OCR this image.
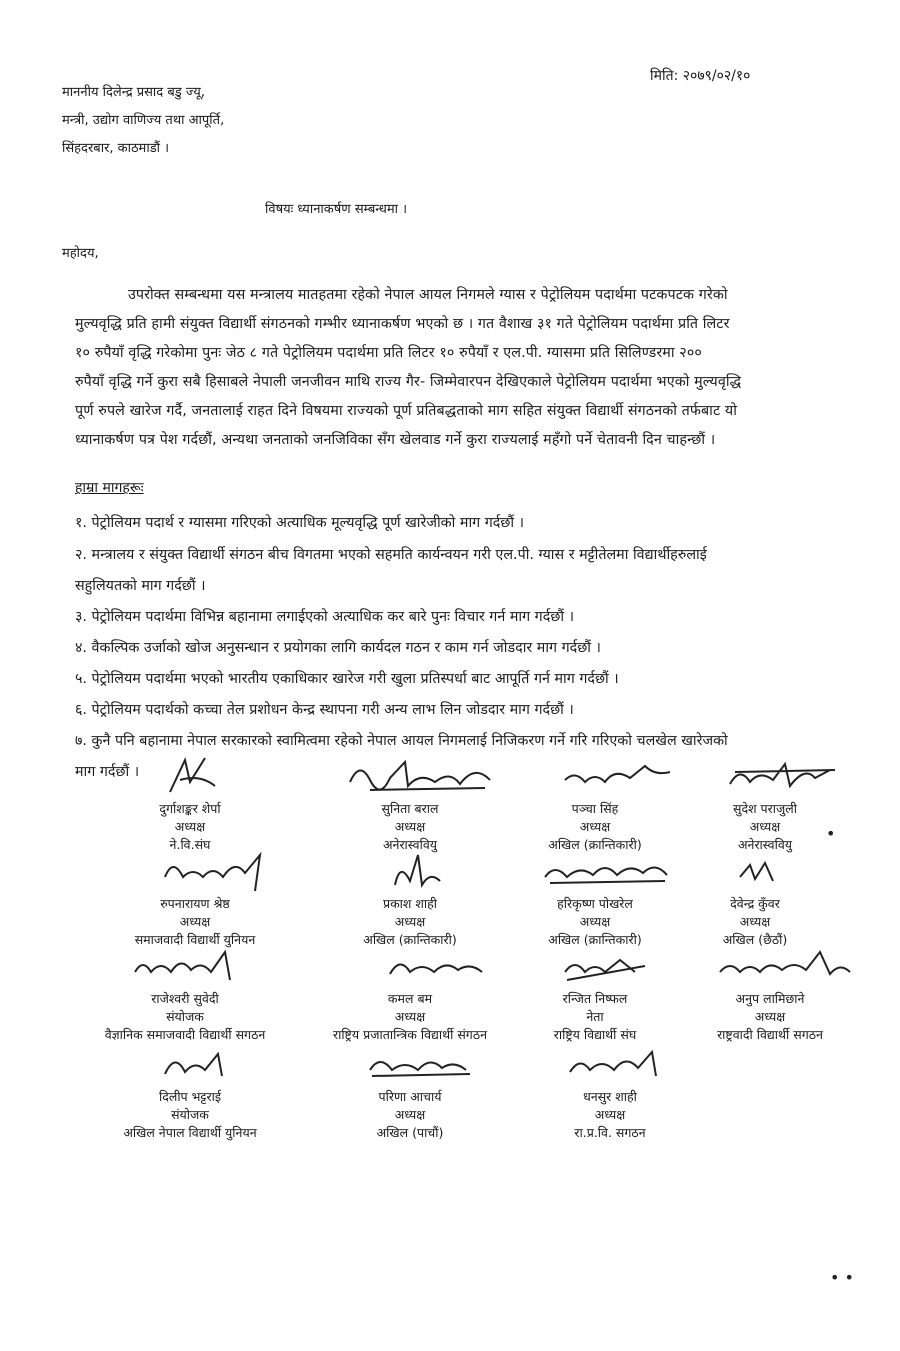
मिति: २०७९/०२/१०
माननीय दिलेन्द्र प्रसाद बडु ज्यू,
मन्त्री, उद्योग वाणिज्य तथा आपूर्ति,
सिंहदरबार, काठमाडौं ।
विषयः ध्यानाकर्षण सम्बन्धमा ।
महोदय,
उपरोक्त सम्बन्धमा यस मन्त्रालय मातहतमा रहेको नेपाल आयल निगमले ग्यास र पेट्रोलियम पदार्थमा पटकपटक गरेको
मुल्यवृद्धि प्रति हामी संयुक्त विद्यार्थी संगठनको गम्भीर ध्यानाकर्षण भएको छ । गत वैशाख ३१ गते पेट्रोलियम पदार्थमा प्रति लिटर
१० रुपैयाँ वृद्धि गरेकोमा पुनः जेठ ८ गते पेट्रोलियम पदार्थमा प्रति लिटर १० रुपैयाँ र एल.पी. ग्यासमा प्रति सिलिण्डरमा २००
रुपैयाँ वृद्धि गर्ने कुरा सबै हिसाबले नेपाली जनजीवन माथि राज्य गैर- जिम्मेवारपन देखिएकाले पेट्रोलियम पदार्थमा भएको मुल्यवृद्धि
पूर्ण रुपले खारेज गर्दै, जनतालाई राहत दिने विषयमा राज्यको पूर्ण प्रतिबद्धताको माग सहित संयुक्त विद्यार्थी संगठनको तर्फबाट यो
ध्यानाकर्षण पत्र पेश गर्दछौं, अन्यथा जनताको जनजिविका सँग खेलवाड गर्ने कुरा राज्यलाई महँगो पर्ने चेतावनी दिन चाहन्छौं ।
हाम्रा मागहरूः
१. पेट्रोलियम पदार्थ र ग्यासमा गरिएको अत्याधिक मूल्यवृद्धि पूर्ण खारेजीको माग गर्दछौं ।
२. मन्त्रालय र संयुक्त विद्यार्थी संगठन बीच विगतमा भएको सहमति कार्यन्वयन गरी एल.पी. ग्यास र मट्टीतेलमा विद्यार्थीहरुलाई
सहुलियतको माग गर्दछौं ।
३. पेट्रोलियम पदार्थमा विभिन्न बहानामा लगाईएको अत्याधिक कर बारे पुनः विचार गर्न माग गर्दछौं ।
४. वैकल्पिक उर्जाको खोज अनुसन्धान र प्रयोगका लागि कार्यदल गठन र काम गर्न जोडदार माग गर्दछौं ।
५. पेट्रोलियम पदार्थमा भएको भारतीय एकाधिकार खारेज गरी खुला प्रतिस्पर्धा बाट आपूर्ति गर्न माग गर्दछौं ।
६. पेट्रोलियम पदार्थको कच्चा तेल प्रशोधन केन्द्र स्थापना गरी अन्य लाभ लिन जोडदार माग गर्दछौं ।
७. कुनै पनि बहानामा नेपाल सरकारको स्वामित्वमा रहेको नेपाल आयल निगमलाई निजिकरण गर्ने गरि गरिएको चलखेल खारेजको
माग गर्दछौं ।
दुर्गाशङ्कर शेर्पा
अध्यक्ष
ने.वि.संघ
सुनिता बराल
अध्यक्ष
अनेरास्ववियु
पञ्चा सिंह
अध्यक्ष
अखिल (क्रान्तिकारी)
सुदेश पराजुली
अध्यक्ष
अनेरास्ववियु
रुपनारायण श्रेष्ठ
अध्यक्ष
समाजवादी विद्यार्थी युनियन
प्रकाश शाही
अध्यक्ष
अखिल (क्रान्तिकारी)
हरिकृष्ण पोखरेल
अध्यक्ष
अखिल (क्रान्तिकारी)
देवेन्द्र कुँवर
अध्यक्ष
अखिल (छैठौं)
राजेश्वरी सुवेदी
संयोजक
वैज्ञानिक समाजवादी विद्यार्थी सगठन
कमल बम
अध्यक्ष
राष्ट्रिय प्रजातान्त्रिक विद्यार्थी संगठन
रन्जित निष्फल
नेता
राष्ट्रिय विद्यार्थी संघ
अनुप लामिछाने
अध्यक्ष
राष्ट्रवादी विद्यार्थी सगठन
दिलीप भट्टराई
संयोजक
अखिल नेपाल विद्यार्थी युनियन
परिणा आचार्य
अध्यक्ष
अखिल (पाचौं)
धनसुर शाही
अध्यक्ष
रा.प्र.वि. सगठन
•
• •
